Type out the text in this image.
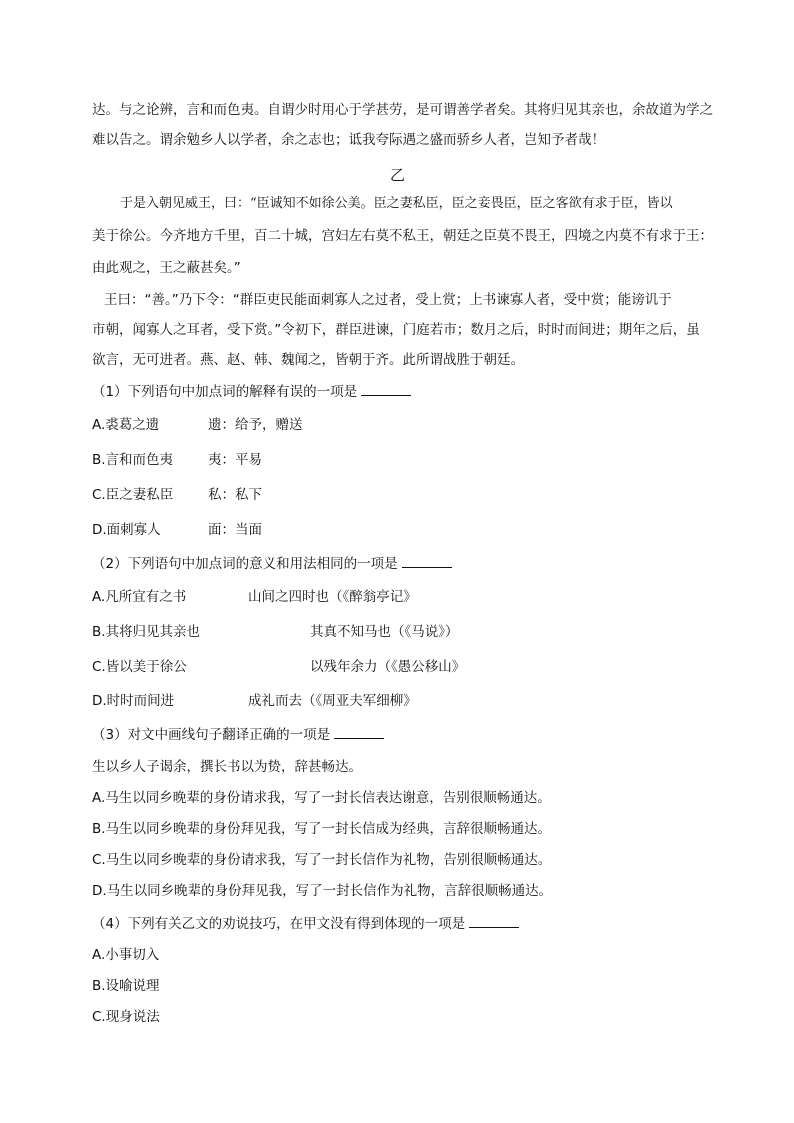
达。与之论辨，言和而色夷。自谓少时用心于学甚劳，是可谓善学者矣。其将归见其亲也，余故道为学之

难以告之。谓余勉乡人以学者，余之志也；诋我夸际遇之盛而骄乡人者，岂知予者哉！

乙

于是入朝见威王，曰：“臣诚知不如徐公美。臣之妻私臣，臣之妾畏臣，臣之客欲有求于臣，皆以

美于徐公。今齐地方千里，百二十城，宫妇左右莫不私王，朝廷之臣莫不畏王，四境之内莫不有求于王：

由此观之，王之蔽甚矣。”

王曰：“善。”乃下令：“群臣吏民能面刺寡人之过者，受上赏；上书谏寡人者，受中赏；能谤讥于

市朝，闻寡人之耳者，受下赏。”令初下，群臣进谏，门庭若市；数月之后，时时而间进；期年之后，虽

欲言，无可进者。燕、赵、韩、魏闻之，皆朝于齐。此所谓战胜于朝廷。

（1）下列语句中加点词的解释有误的一项是

A.裘葛之遗	遗：给予，赠送

B.言和而色夷	夷：平易

C.臣之妻私臣	私：私下

D.面刺寡人	面：当面

（2）下列语句中加点词的意义和用法相同的一项是

A.凡所宜有之书	山间之四时也（《醉翁亭记》

B.其将归见其亲也	其真不知马也（《马说》）

C.皆以美于徐公	以残年余力（《愚公移山》

D.时时而间进	成礼而去（《周亚夫军细柳》

（3）对文中画线句子翻译正确的一项是

生以乡人子谒余，撰长书以为贽，辞甚畅达。

A.马生以同乡晚辈的身份请求我，写了一封长信表达谢意，告别很顺畅通达。

B.马生以同乡晚辈的身份拜见我，写了一封长信成为经典，言辞很顺畅通达。

C.马生以同乡晚辈的身份请求我，写了一封长信作为礼物，告别很顺畅通达。

D.马生以同乡晚辈的身份拜见我，写了一封长信作为礼物，言辞很顺畅通达。

（4）下列有关乙文的劝说技巧，在甲文没有得到体现的一项是

A.小事切入

B.设喻说理

C.现身说法
